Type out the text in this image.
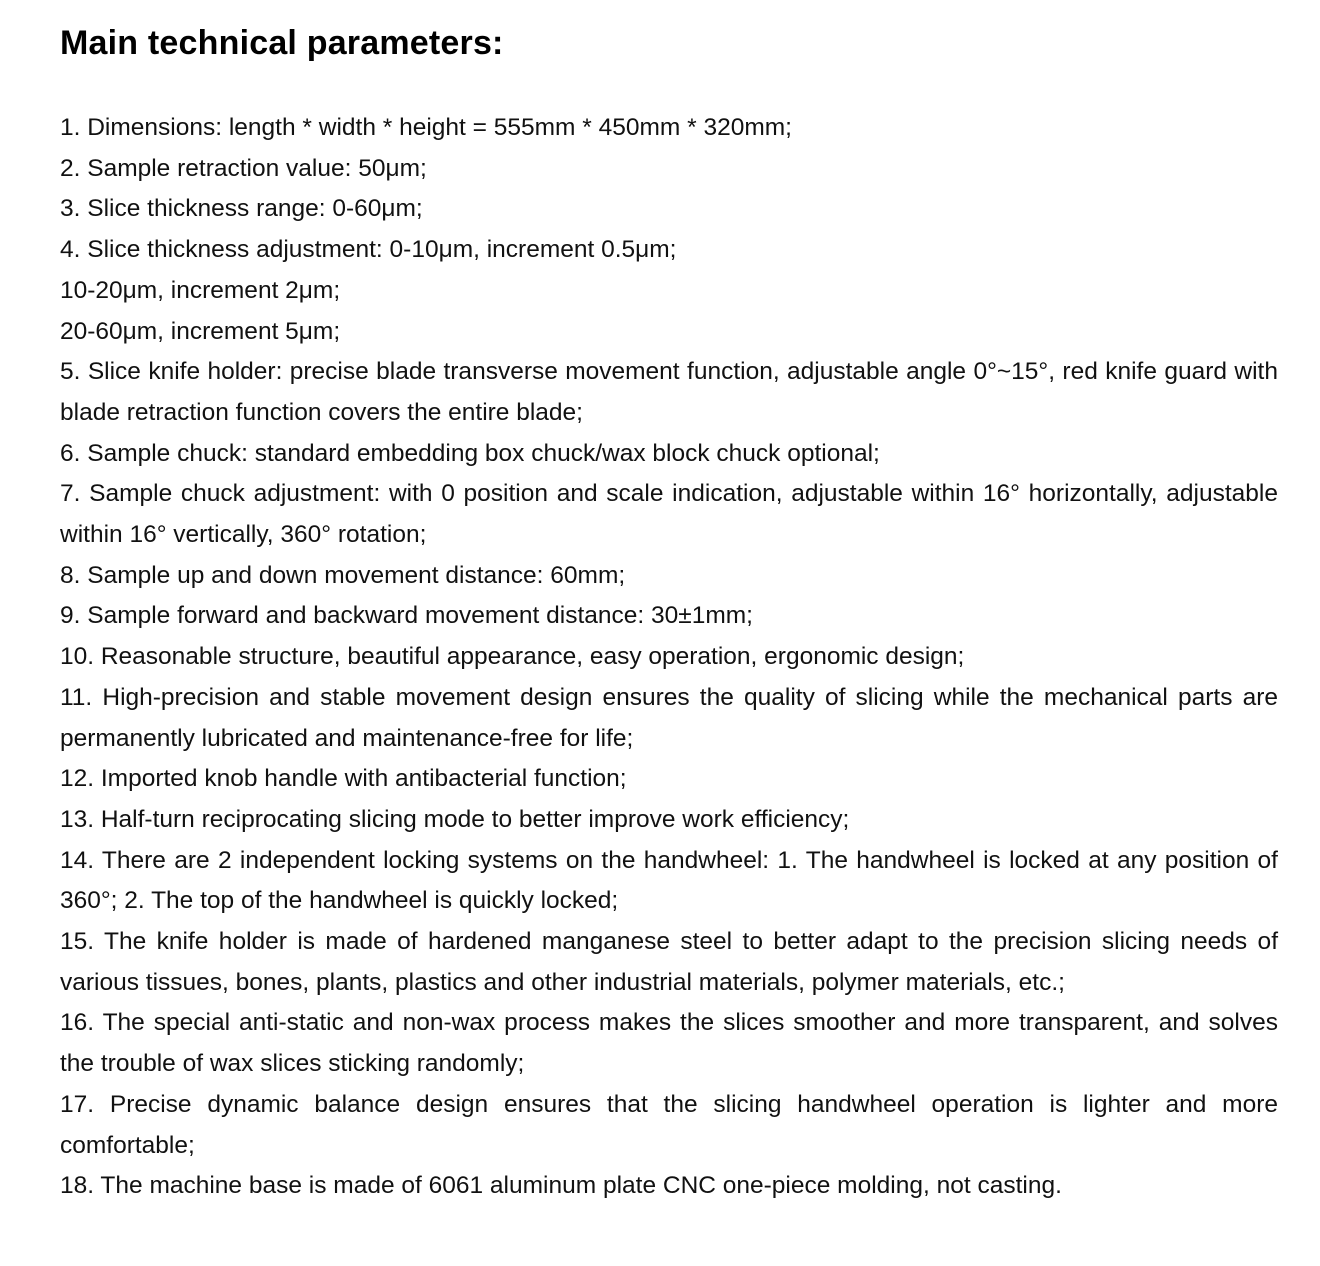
Main technical parameters:
1. Dimensions: length * width * height = 555mm * 450mm * 320mm;
2. Sample retraction value: 50μm;
3. Slice thickness range: 0-60μm;
4. Slice thickness adjustment: 0-10μm, increment 0.5μm;
10-20μm, increment 2μm;
20-60μm, increment 5μm;
5. Slice knife holder: precise blade transverse movement function, adjustable angle 0°~15°, red knife guard with blade retraction function covers the entire blade;
6. Sample chuck: standard embedding box chuck/wax block chuck optional;
7. Sample chuck adjustment: with 0 position and scale indication, adjustable within 16° horizontally, adjustable within 16° vertically, 360° rotation;
8. Sample up and down movement distance: 60mm;
9. Sample forward and backward movement distance: 30±1mm;
10. Reasonable structure, beautiful appearance, easy operation, ergonomic design;
11. High-precision and stable movement design ensures the quality of slicing while the mechanical parts are permanently lubricated and maintenance-free for life;
12. Imported knob handle with antibacterial function;
13. Half-turn reciprocating slicing mode to better improve work efficiency;
14. There are 2 independent locking systems on the handwheel: 1. The handwheel is locked at any position of 360°; 2. The top of the handwheel is quickly locked;
15. The knife holder is made of hardened manganese steel to better adapt to the precision slicing needs of various tissues, bones, plants, plastics and other industrial materials, polymer materials, etc.;
16. The special anti-static and non-wax process makes the slices smoother and more transparent, and solves the trouble of wax slices sticking randomly;
17. Precise dynamic balance design ensures that the slicing handwheel operation is lighter and more comfortable;
18. The machine base is made of 6061 aluminum plate CNC one-piece molding, not casting.
